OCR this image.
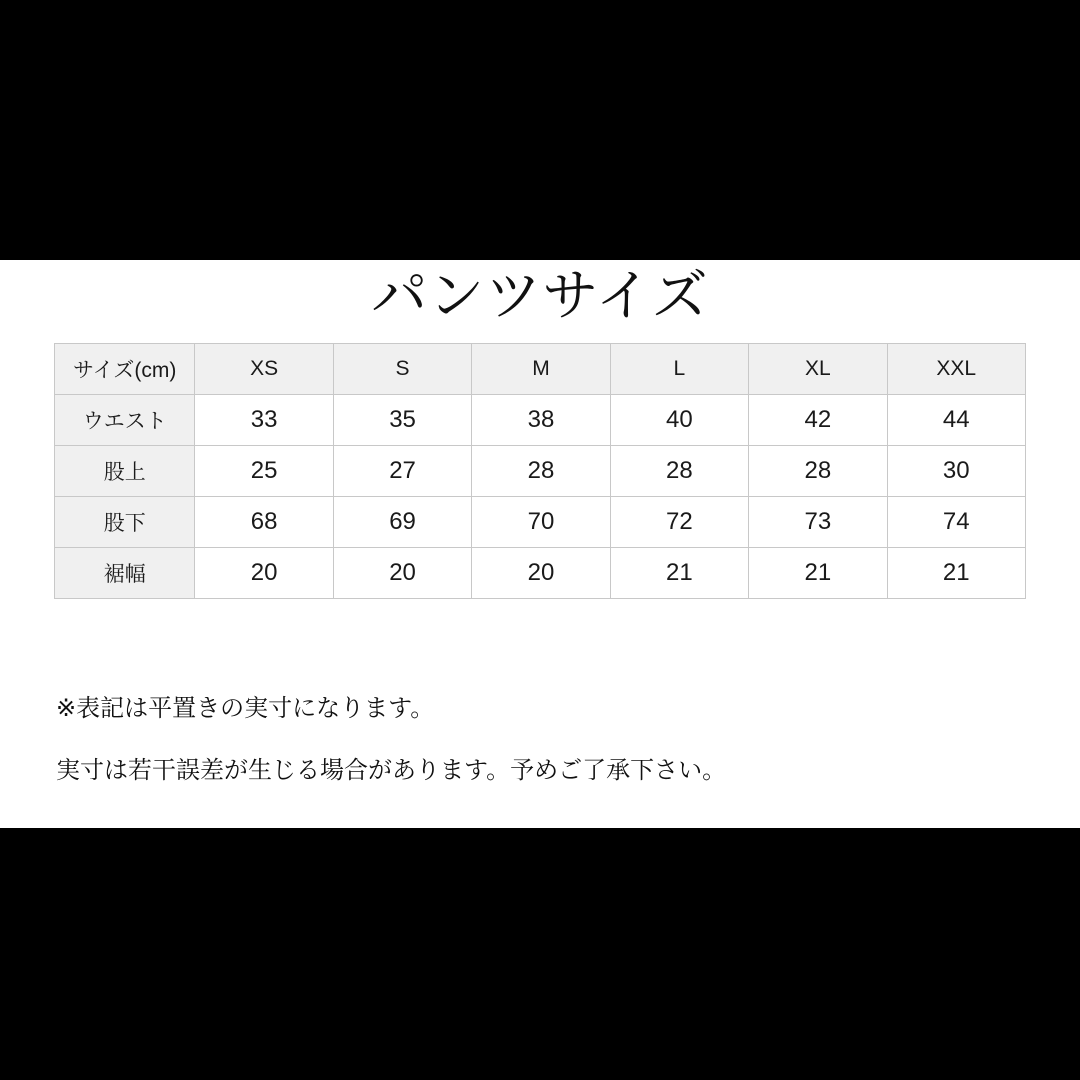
パンツサイズ
サイズ(cm)	XS	S	M	L	XL	XXL
ウエスト	33	35	38	40	42	44
股上	25	27	28	28	28	30
股下	68	69	70	72	73	74
裾幅	20	20	20	21	21	21
※表記は平置きの実寸になります。
実寸は若干誤差が生じる場合があります。予めご了承下さい。
